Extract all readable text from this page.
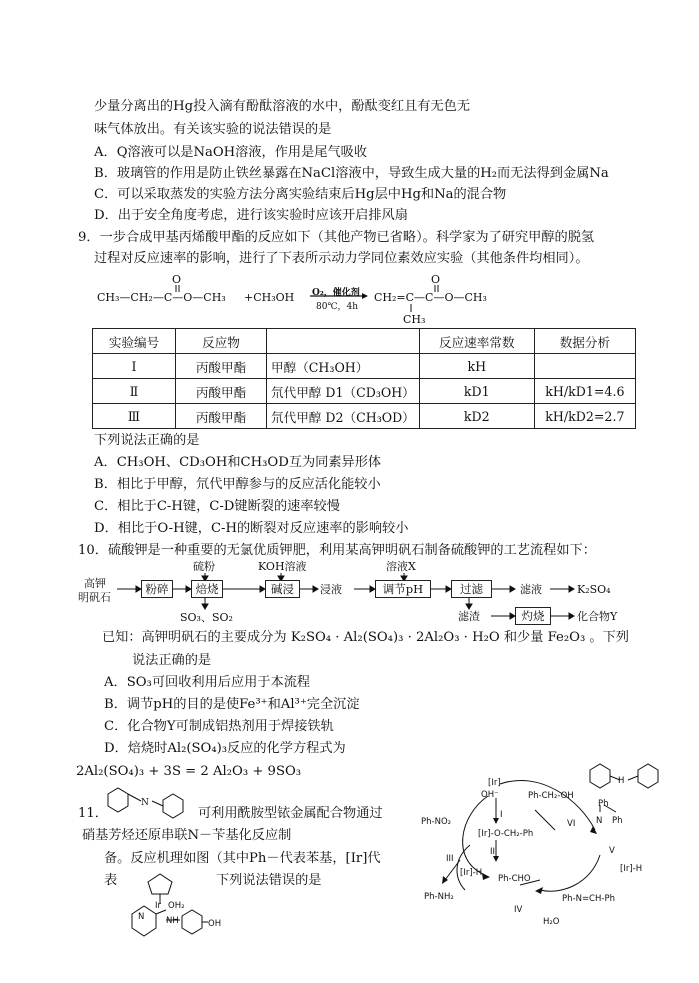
少量分离出的Hg投入滴有酚酞溶液的水中，酚酞变红且有无色无
味气体放出。有关该实验的说法错误的是
A．Q溶液可以是NaOH溶液，作用是尾气吸收
B．玻璃管的作用是防止铁丝暴露在NaCl溶液中，导致生成大量的H₂而无法得到金属Na
C．可以采取蒸发的实验方法分离实验结束后Hg层中Hg和Na的混合物
D．出于安全角度考虑，进行该实验时应该开启排风扇
9．一步合成甲基丙烯酸甲酯的反应如下（其他产物已省略）。科学家为了研究甲醇的脱氢
过程对反应速率的影响，进行了下表所示动力学同位素效应实验（其他条件均相同）。
O
CH₃—CH₂—C—O—CH₃ +CH₃OH O₂，催化剂
80℃，4h
CH₂=C—C—O—CH₃
O
CH₃
实验编号	反应物		反应速率常数	数据分析
Ⅰ	丙酸甲酯	甲醇（CH₃OH）	kH	
Ⅱ	丙酸甲酯	氘代甲醇 D1（CD₃OH）	kD1	kH/kD1=4.6
Ⅲ	丙酸甲酯	氘代甲醇 D2（CH₃OD）	kD2	kH/kD2=2.7
下列说法正确的是
A．CH₃OH、CD₃OH和CH₃OD互为同素异形体
B．相比于甲醇，氘代甲醇参与的反应活化能较小
C．相比于C-H键，C-D键断裂的速率较慢
D．相比于O-H键，C-H的断裂对反应速率的影响较小
10．硫酸钾是一种重要的无氯优质钾肥，利用某高钾明矾石制备硫酸钾的工艺流程如下：
高钾
明矾石
粉碎	焙烧	碱浸	调节pH	过滤
灼烧
硫粉	KOH溶液	溶液X
SO₃、SO₂
浸液	滤液	K₂SO₄
滤渣	化合物Y
已知：高钾明矾石的主要成分为 K₂SO₄ · Al₂(SO₄)₃ · 2Al₂O₃ · H₂O 和少量 Fe₂O₃ 。下列
说法正确的是
A．SO₃可回收利用后应用于本流程
B．调节pH的目的是使Fe³⁺和Al³⁺完全沉淀
C．化合物Y可制成铝热剂用于焊接铁轨
D．焙烧时Al₂(SO₄)₃反应的化学方程式为
2Al₂(SO₄)₃ + 3S = 2 Al₂O₃ + 9SO₃
11．
N
可利用酰胺型铱金属配合物通过
硝基芳烃还原串联N－苄基化反应制
备。反应机理如图（其中Ph－代表苯基，[Ir]代
表	下列说法错误的是
Ir OH₂
N	NH	OH
[Ir]
OH⁻	Ph-CH₂-OH
[Ir]-O-CH₂-Ph
Ph-NO₂
[Ir]-H
Ph-CHO
Ph-NH₂	Ph-N=CH-Ph
H₂O
[Ir]-H
I
II
III
IV
V
VI
H
Ph
N Ph
